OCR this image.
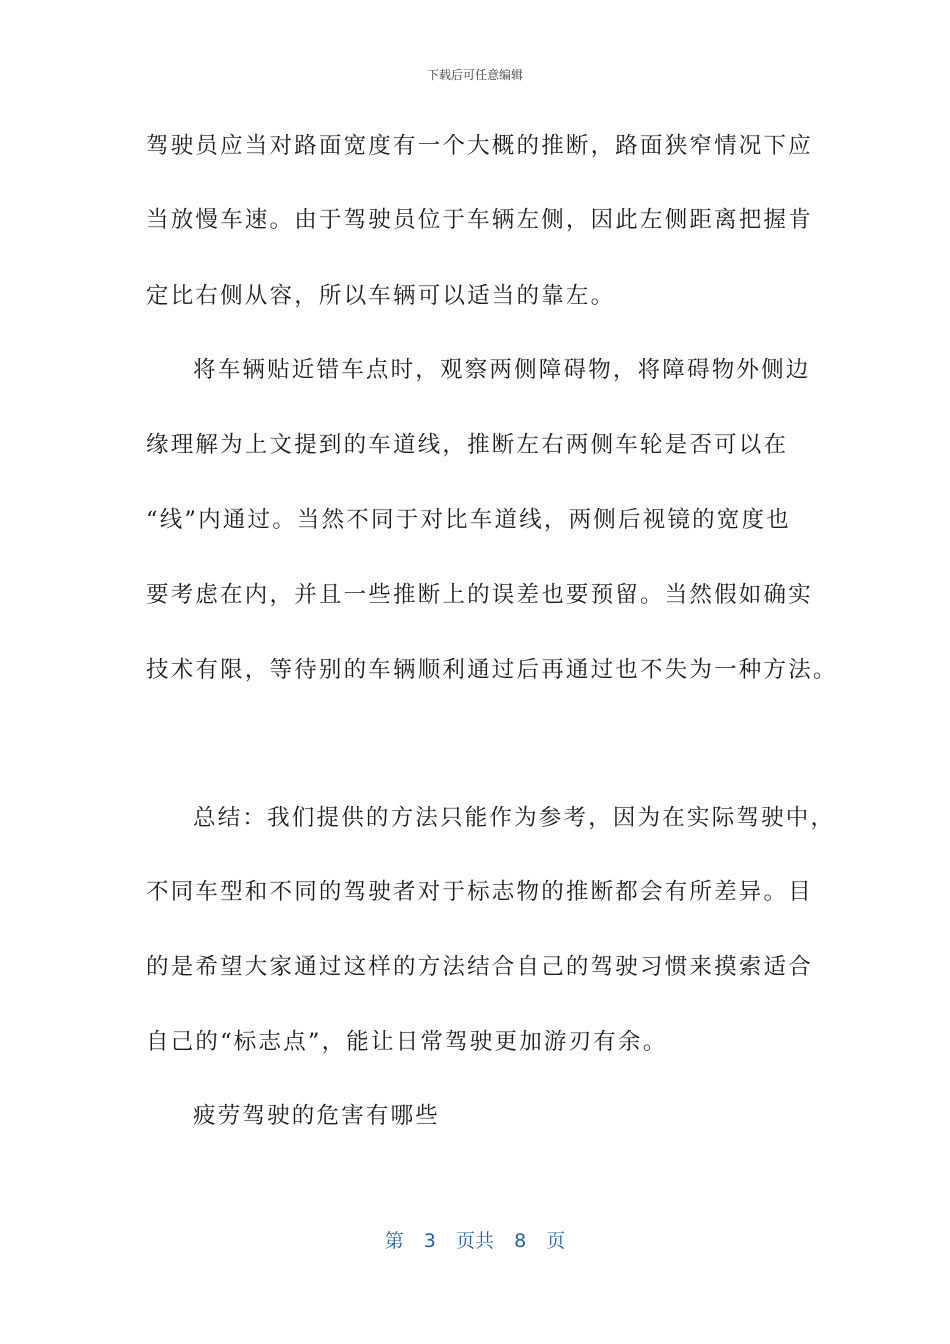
下载后可任意编辑
驾驶员应当对路面宽度有一个大概的推断，路面狭窄情况下应
当放慢车速。由于驾驶员位于车辆左侧，因此左侧距离把握肯
定比右侧从容，所以车辆可以适当的靠左。
将车辆贴近错车点时，观察两侧障碍物，将障碍物外侧边
缘理解为上文提到的车道线，推断左右两侧车轮是否可以在
“线”内通过。当然不同于对比车道线，两侧后视镜的宽度也
要考虑在内，并且一些推断上的误差也要预留。当然假如确实
技术有限，等待别的车辆顺利通过后再通过也不失为一种方法。
总结：我们提供的方法只能作为参考，因为在实际驾驶中，
不同车型和不同的驾驶者对于标志物的推断都会有所差异。目
的是希望大家通过这样的方法结合自己的驾驶习惯来摸索适合
自己的“标志点”，能让日常驾驶更加游刃有余。
疲劳驾驶的危害有哪些
第 3 页共 8 页
